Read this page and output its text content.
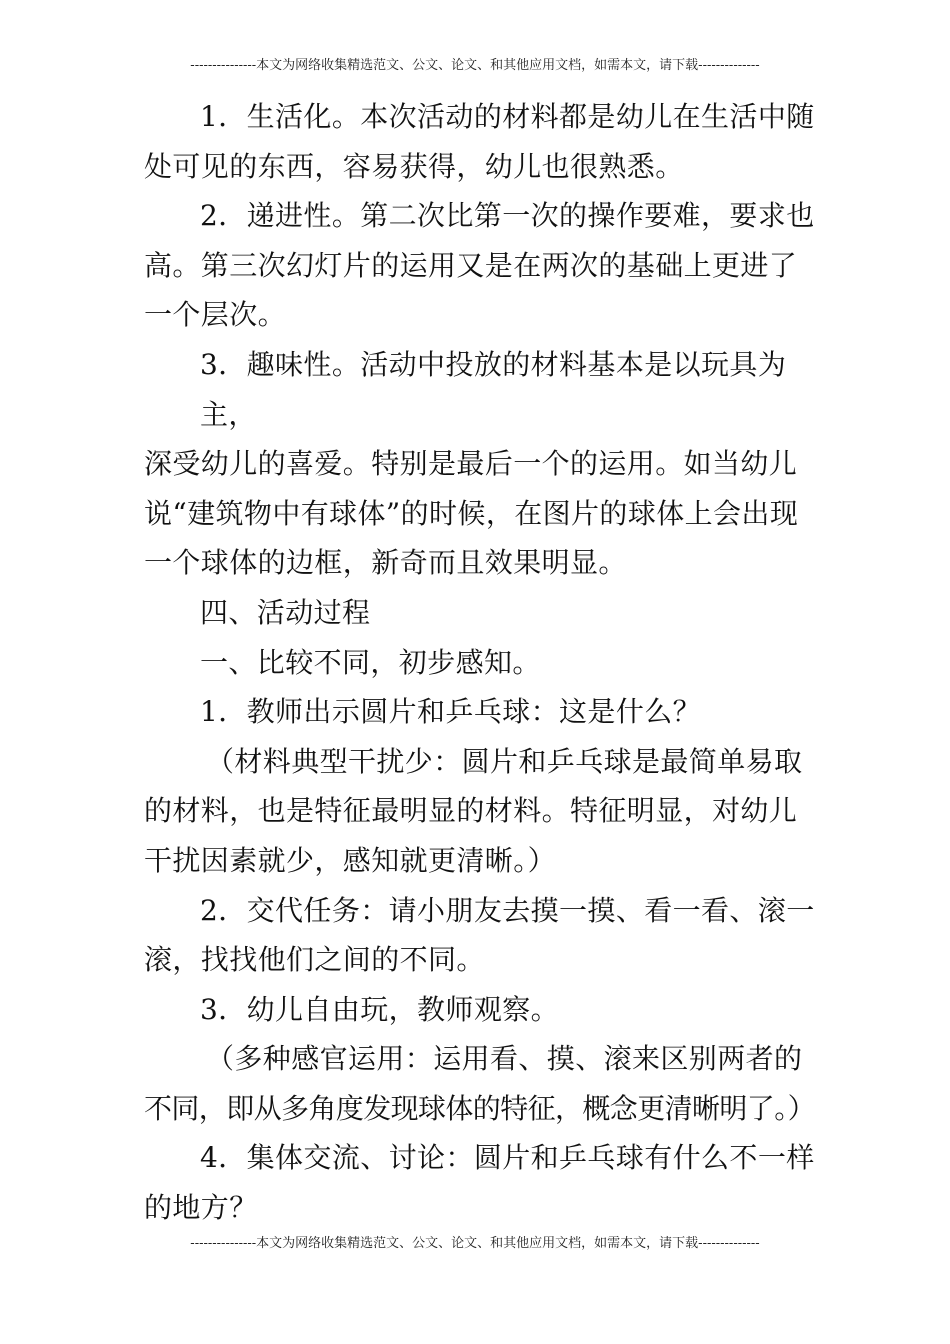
---------------本文为网络收集精选范文、公文、论文、和其他应用文档，如需本文，请下载--------------
1．生活化。本次活动的材料都是幼儿在生活中随
处可见的东西，容易获得，幼儿也很熟悉。
2．递进性。第二次比第一次的操作要难，要求也
高。第三次幻灯片的运用又是在两次的基础上更进了
一个层次。
3．趣味性。活动中投放的材料基本是以玩具为主，
深受幼儿的喜爱。特别是最后一个的运用。如当幼儿
说“建筑物中有球体”的时候，在图片的球体上会出现
一个球体的边框，新奇而且效果明显。
四、活动过程
一、比较不同，初步感知。
1．教师出示圆片和乒乓球：这是什么？
（材料典型干扰少：圆片和乒乓球是最简单易取
的材料，也是特征最明显的材料。特征明显，对幼儿
干扰因素就少，感知就更清晰。）
2．交代任务：请小朋友去摸一摸、看一看、滚一
滚，找找他们之间的不同。
3．幼儿自由玩，教师观察。
（多种感官运用：运用看、摸、滚来区别两者的
不同，即从多角度发现球体的特征，概念更清晰明了。）
4．集体交流、讨论：圆片和乒乓球有什么不一样
的地方？
---------------本文为网络收集精选范文、公文、论文、和其他应用文档，如需本文，请下载--------------
